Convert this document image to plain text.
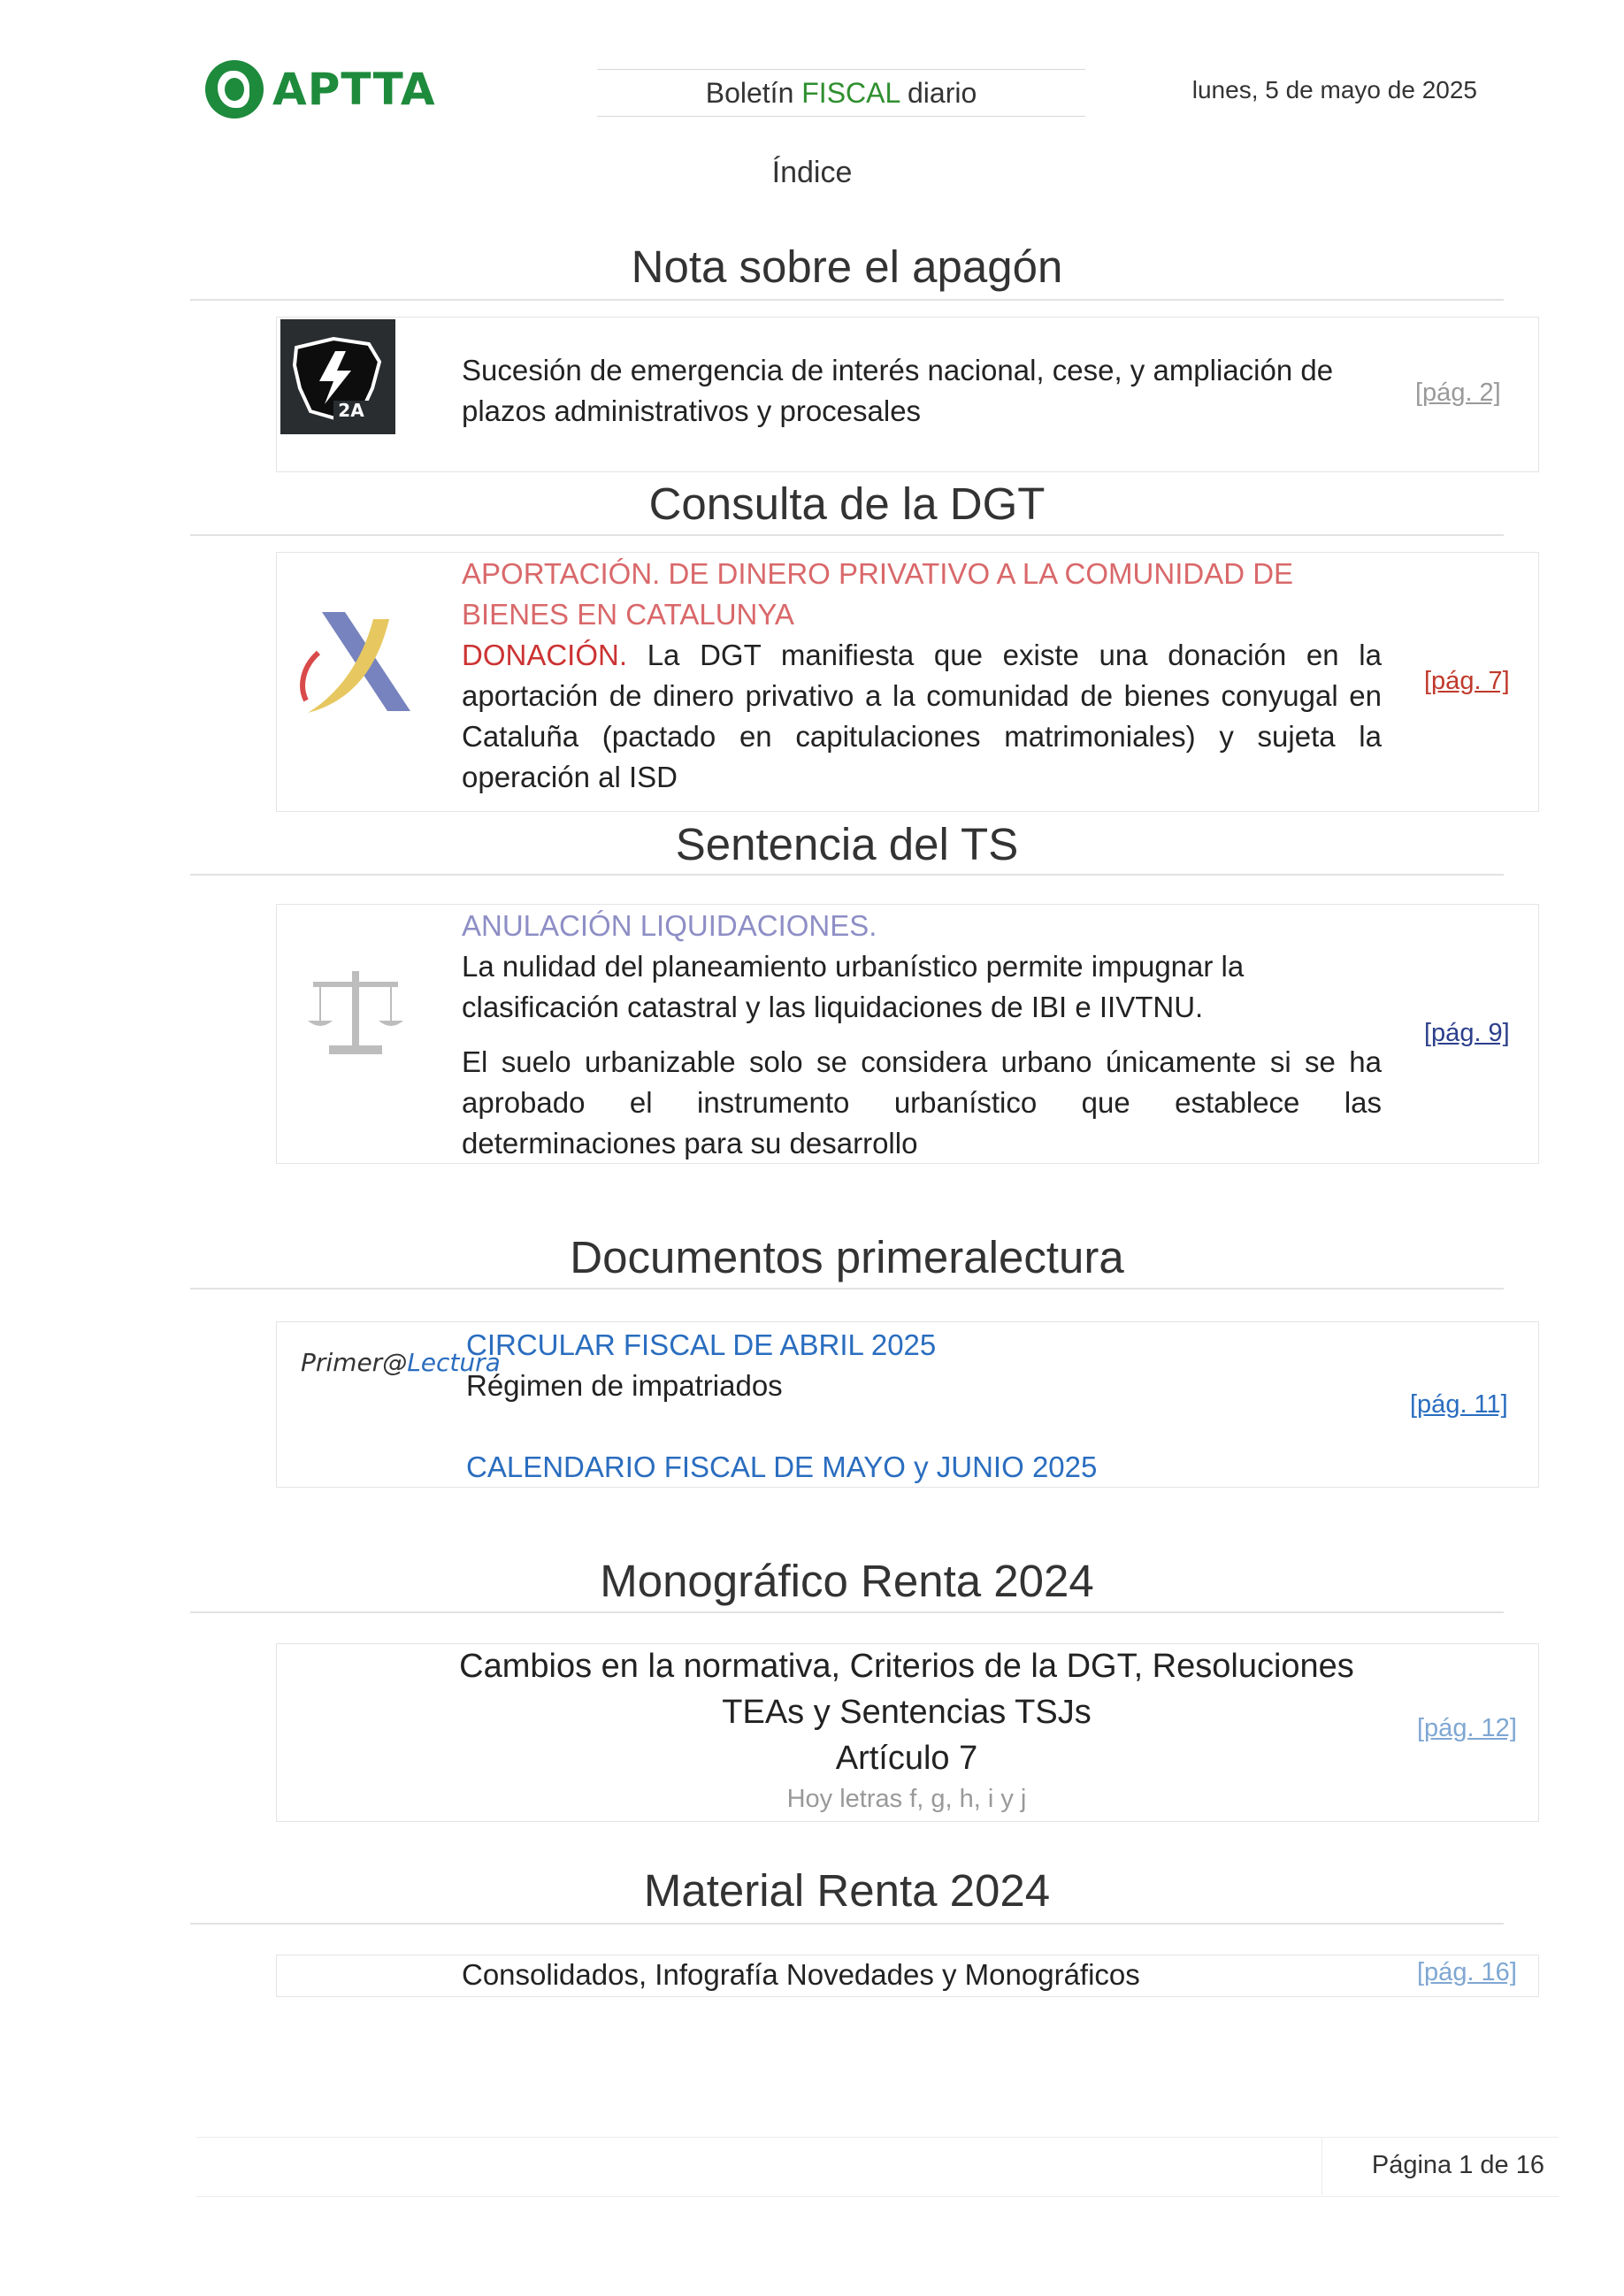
APTTA	Boletín FISCAL diario	lunes, 5 de mayo de 2025
Índice
Nota sobre el apagón
2A
Sucesión de emergencia de interés nacional, cese, y ampliación de plazos administrativos y procesales
[pág. 2]
Consulta de la DGT
APORTACIÓN. DE DINERO PRIVATIVO A LA COMUNIDAD DE BIENES EN CATALUNYA
DONACIÓN. La DGT manifiesta que existe una donación en la aportación de dinero privativo a la comunidad de bienes conyugal en Cataluña (pactado en capitulaciones matrimoniales) y sujeta la operación al ISD
[pág. 7]
Sentencia del TS
ANULACIÓN LIQUIDACIONES.
La nulidad del planeamiento urbanístico permite impugnar la clasificación catastral y las liquidaciones de IBI e IIVTNU.
El suelo urbanizable solo se considera urbano únicamente si se ha aprobado el instrumento urbanístico que establece las determinaciones para su desarrollo
[pág. 9]
Documentos primeralectura
Primer@Lectura
CIRCULAR FISCAL DE ABRIL 2025
Régimen de impatriados
CALENDARIO FISCAL DE MAYO y JUNIO 2025
[pág. 11]
Monográfico Renta 2024
Cambios en la normativa, Criterios de la DGT, Resoluciones
TEAs y Sentencias TSJs
Artículo 7
Hoy letras f, g, h, i y j
[pág. 12]
Material Renta 2024
Consolidados, Infografía Novedades y Monográficos	[pág. 16]
Página 1 de 16
